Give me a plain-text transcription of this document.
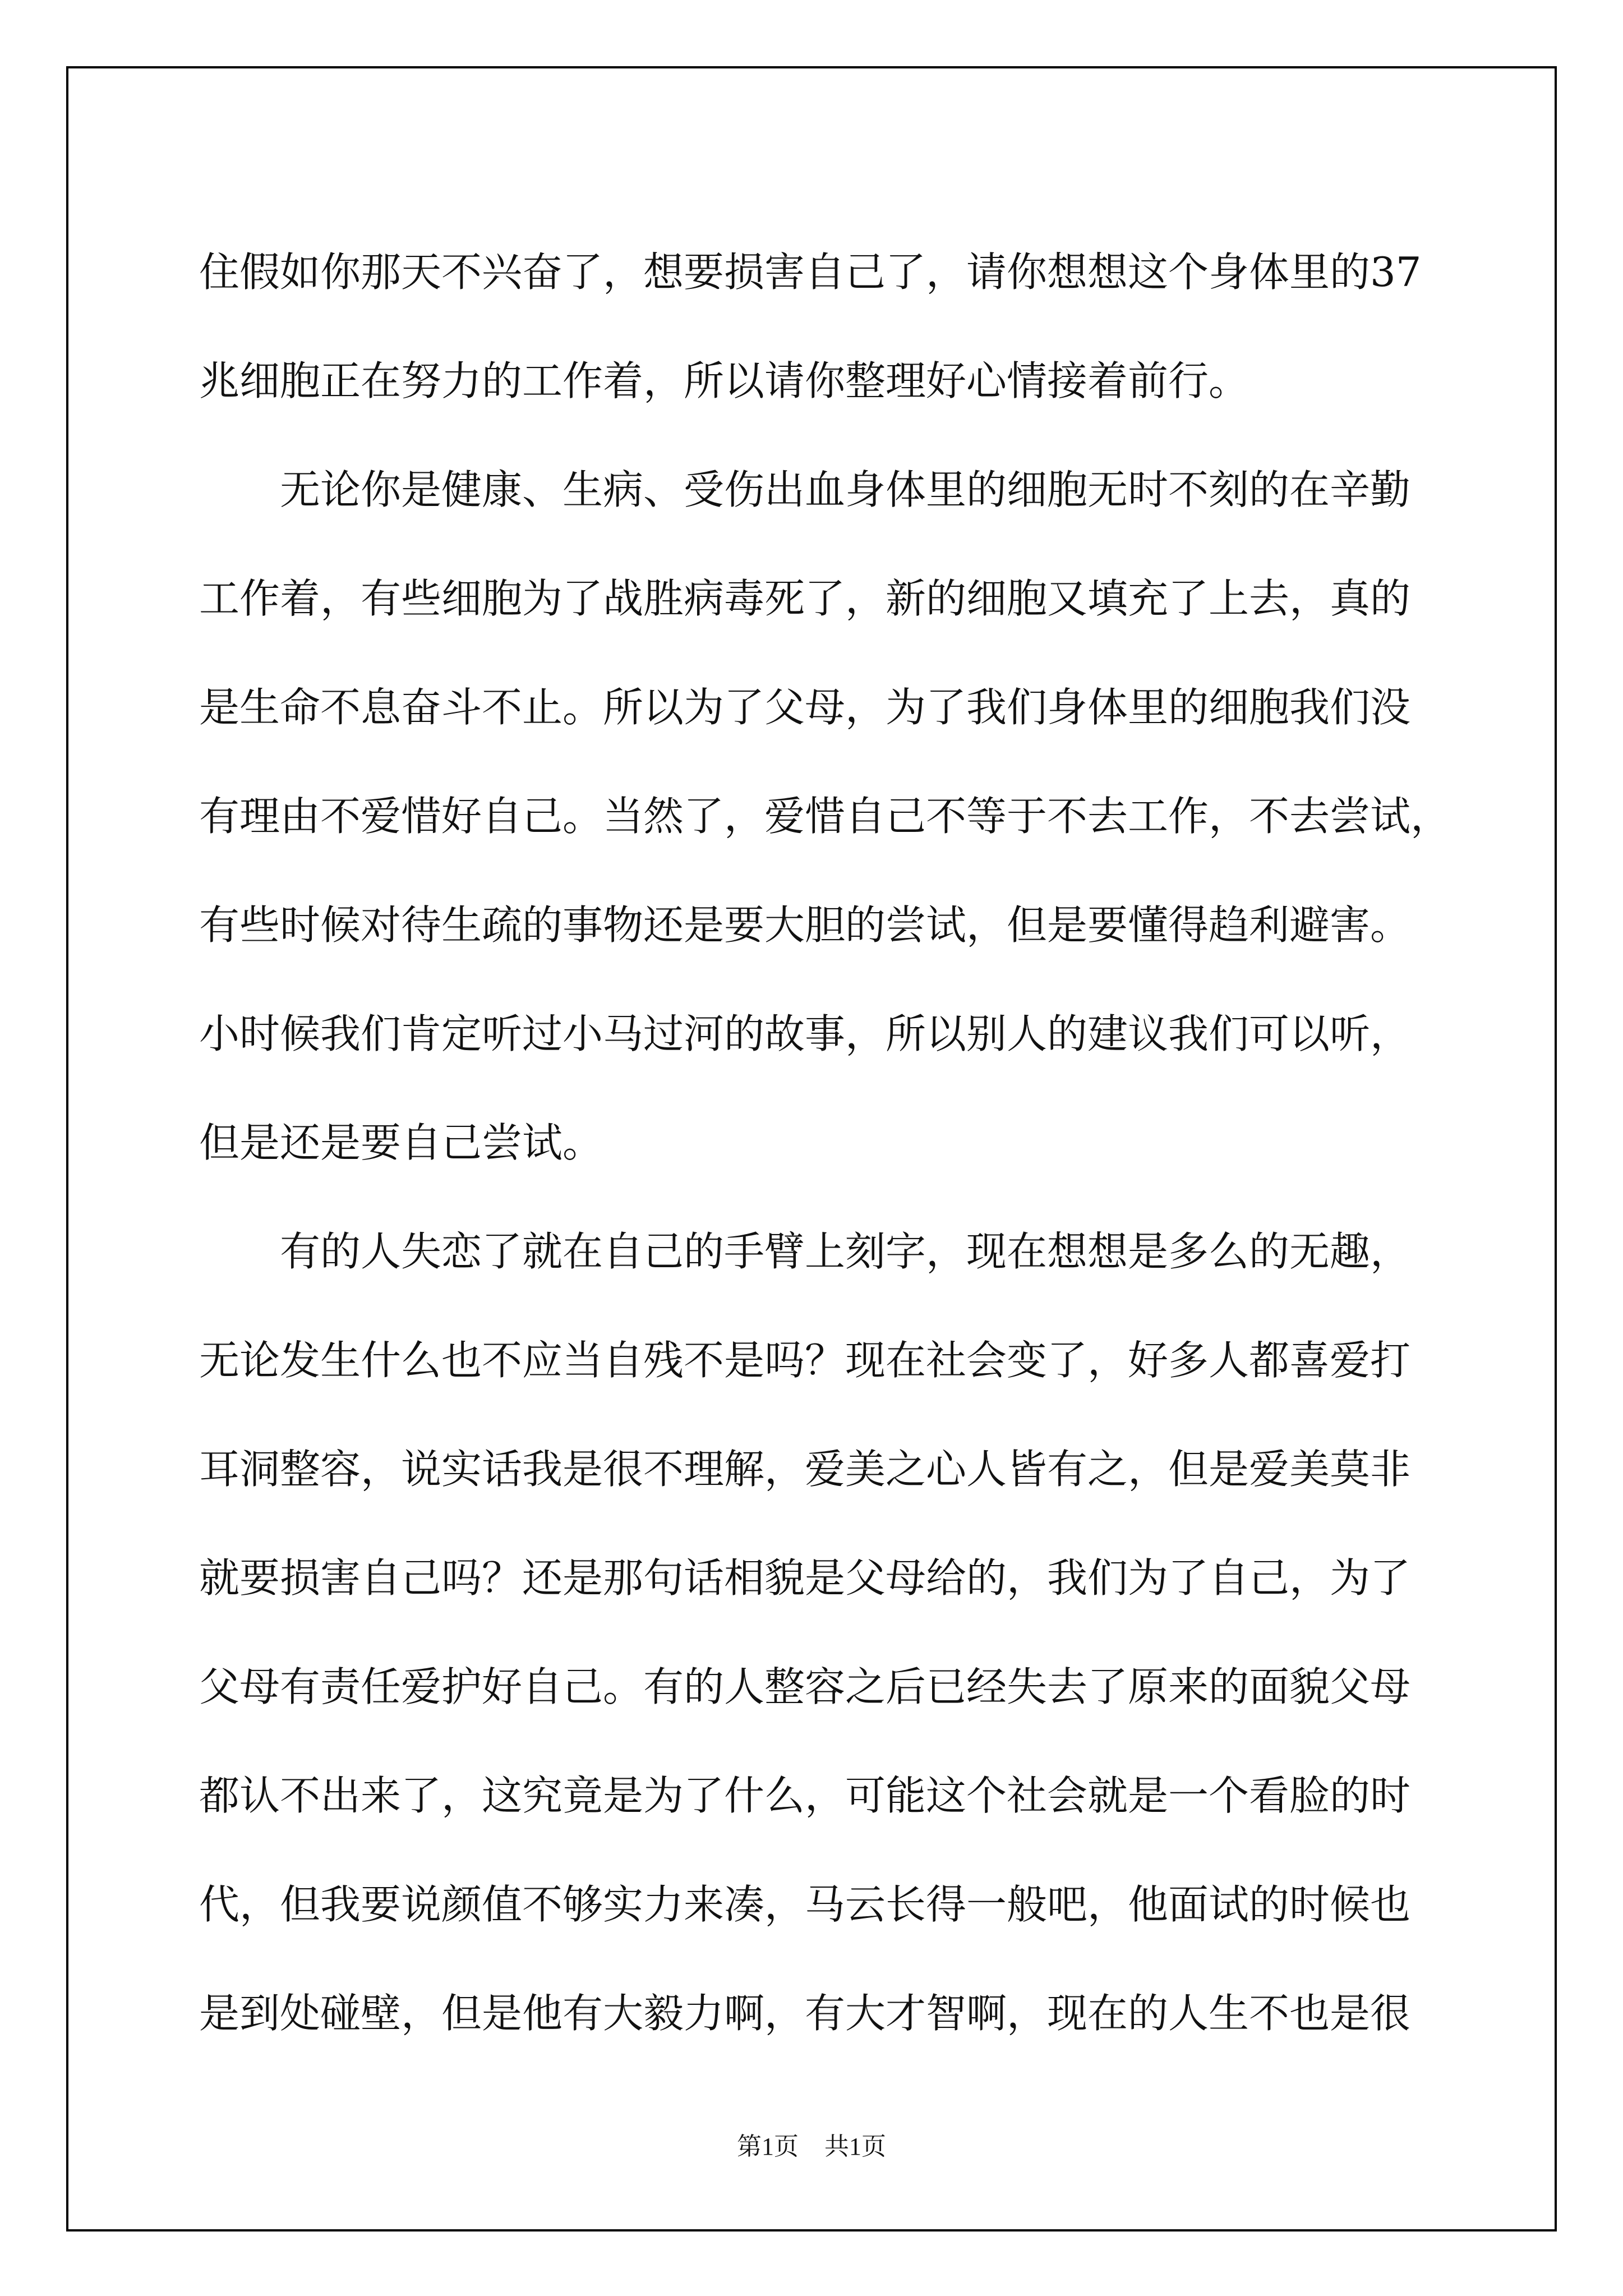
住假如你那天不兴奋了，想要损害自己了，请你想想这个身体里的37
兆细胞正在努力的工作着，所以请你整理好心情接着前行。
无论你是健康、生病、受伤出血身体里的细胞无时不刻的在辛勤
工作着，有些细胞为了战胜病毒死了，新的细胞又填充了上去，真的
是生命不息奋斗不止。所以为了父母，为了我们身体里的细胞我们没
有理由不爱惜好自己。当然了，爱惜自己不等于不去工作，不去尝试，
有些时候对待生疏的事物还是要大胆的尝试，但是要懂得趋利避害。
小时候我们肯定听过小马过河的故事，所以别人的建议我们可以听，
但是还是要自己尝试。
有的人失恋了就在自己的手臂上刻字，现在想想是多么的无趣，
无论发生什么也不应当自残不是吗？现在社会变了，好多人都喜爱打
耳洞整容，说实话我是很不理解，爱美之心人皆有之，但是爱美莫非
就要损害自己吗？还是那句话相貌是父母给的，我们为了自己，为了
父母有责任爱护好自己。有的人整容之后已经失去了原来的面貌父母
都认不出来了，这究竟是为了什么，可能这个社会就是一个看脸的时
代，但我要说颜值不够实力来凑，马云长得一般吧，他面试的时候也
是到处碰壁，但是他有大毅力啊，有大才智啊，现在的人生不也是很
第1页 共1页
